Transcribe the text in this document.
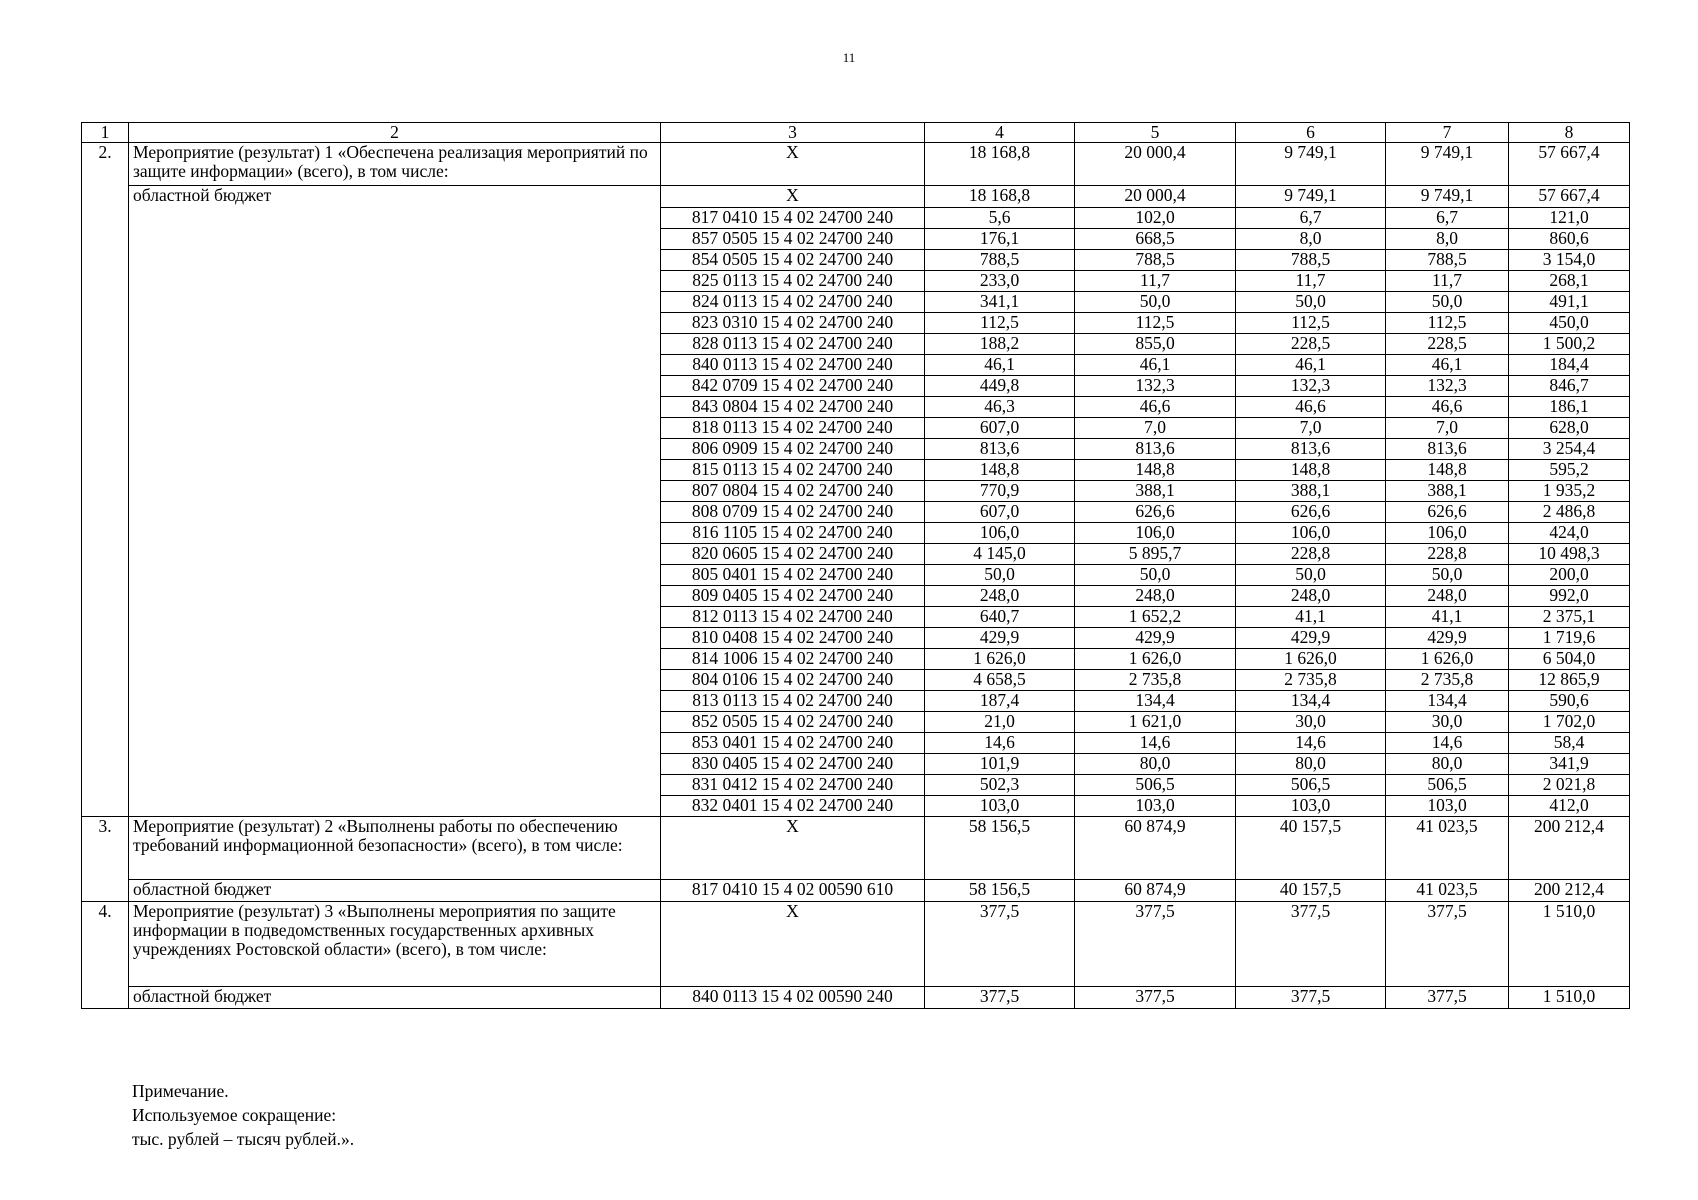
11
1	2	3	4	5	6	7	8
2.	Мероприятие (результат) 1 «Обеспечена реализация мероприятий по защите информации» (всего), в том числе:	X	18 168,8	20 000,4	9 749,1	9 749,1	57 667,4
	областной бюджет	X	18 168,8	20 000,4	9 749,1	9 749,1	57 667,4
		817 0410 15 4 02 24700 240	5,6	102,0	6,7	6,7	121,0
		857 0505 15 4 02 24700 240	176,1	668,5	8,0	8,0	860,6
		854 0505 15 4 02 24700 240	788,5	788,5	788,5	788,5	3 154,0
		825 0113 15 4 02 24700 240	233,0	11,7	11,7	11,7	268,1
		824 0113 15 4 02 24700 240	341,1	50,0	50,0	50,0	491,1
		823 0310 15 4 02 24700 240	112,5	112,5	112,5	112,5	450,0
		828 0113 15 4 02 24700 240	188,2	855,0	228,5	228,5	1 500,2
		840 0113 15 4 02 24700 240	46,1	46,1	46,1	46,1	184,4
		842 0709 15 4 02 24700 240	449,8	132,3	132,3	132,3	846,7
		843 0804 15 4 02 24700 240	46,3	46,6	46,6	46,6	186,1
		818 0113 15 4 02 24700 240	607,0	7,0	7,0	7,0	628,0
		806 0909 15 4 02 24700 240	813,6	813,6	813,6	813,6	3 254,4
		815 0113 15 4 02 24700 240	148,8	148,8	148,8	148,8	595,2
		807 0804 15 4 02 24700 240	770,9	388,1	388,1	388,1	1 935,2
		808 0709 15 4 02 24700 240	607,0	626,6	626,6	626,6	2 486,8
		816 1105 15 4 02 24700 240	106,0	106,0	106,0	106,0	424,0
		820 0605 15 4 02 24700 240	4 145,0	5 895,7	228,8	228,8	10 498,3
		805 0401 15 4 02 24700 240	50,0	50,0	50,0	50,0	200,0
		809 0405 15 4 02 24700 240	248,0	248,0	248,0	248,0	992,0
		812 0113 15 4 02 24700 240	640,7	1 652,2	41,1	41,1	2 375,1
		810 0408 15 4 02 24700 240	429,9	429,9	429,9	429,9	1 719,6
		814 1006 15 4 02 24700 240	1 626,0	1 626,0	1 626,0	1 626,0	6 504,0
		804 0106 15 4 02 24700 240	4 658,5	2 735,8	2 735,8	2 735,8	12 865,9
		813 0113 15 4 02 24700 240	187,4	134,4	134,4	134,4	590,6
		852 0505 15 4 02 24700 240	21,0	1 621,0	30,0	30,0	1 702,0
		853 0401 15 4 02 24700 240	14,6	14,6	14,6	14,6	58,4
		830 0405 15 4 02 24700 240	101,9	80,0	80,0	80,0	341,9
		831 0412 15 4 02 24700 240	502,3	506,5	506,5	506,5	2 021,8
		832 0401 15 4 02 24700 240	103,0	103,0	103,0	103,0	412,0
3.	Мероприятие (результат) 2 «Выполнены работы по обеспечению требований информационной безопасности» (всего), в том числе:	X	58 156,5	60 874,9	40 157,5	41 023,5	200 212,4
	областной бюджет	817 0410 15 4 02 00590 610	58 156,5	60 874,9	40 157,5	41 023,5	200 212,4
4.	Мероприятие (результат) 3 «Выполнены мероприятия по защите информации в подведомственных государственных архивных учреждениях Ростовской области» (всего), в том числе:	X	377,5	377,5	377,5	377,5	1 510,0
	областной бюджет	840 0113 15 4 02 00590 240	377,5	377,5	377,5	377,5	1 510,0
Примечание.
Используемое сокращение:
тыс. рублей – тысяч рублей.».
